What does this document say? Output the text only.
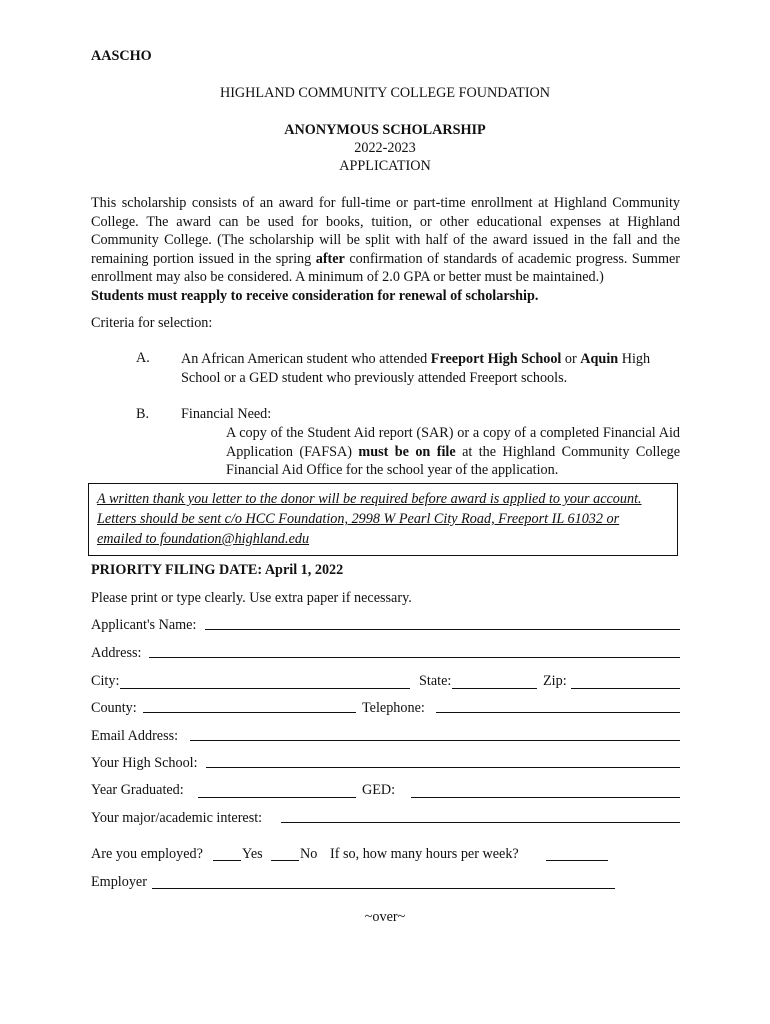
AASCHO
HIGHLAND COMMUNITY COLLEGE FOUNDATION
ANONYMOUS SCHOLARSHIP
2022-2023
APPLICATION
This scholarship consists of an award for full-time or part-time enrollment at Highland Community College. The award can be used for books, tuition, or other educational expenses at Highland Community College. (The scholarship will be split with half of the award issued in the fall and the remaining portion issued in the spring after confirmation of standards of academic progress. Summer enrollment may also be considered. A minimum of 2.0 GPA or better must be maintained.)
Students must reapply to receive consideration for renewal of scholarship.
Criteria for selection:
A. An African American student who attended Freeport High School or Aquin High
School or a GED student who previously attended Freeport schools.
B. Financial Need:
A copy of the Student Aid report (SAR) or a copy of a completed Financial Aid Application (FAFSA) must be on file at the Highland Community College Financial Aid Office for the school year of the application.

A written thank you letter to the donor will be required before award is applied to your account. Letters should be sent c/o HCC Foundation, 2998 W Pearl City Road, Freeport IL 61032 or emailed to foundation@highland.edu

PRIORITY FILING DATE: April 1, 2022
Please print or type clearly. Use extra paper if necessary.
Applicant's Name:
Address:
City:	State:	Zip:
County:	Telephone:
Email Address:
Your High School:
Year Graduated:	GED:
Your major/academic interest:
Are you employed?	Yes	No If so, how many hours per week?
Employer
~over~
